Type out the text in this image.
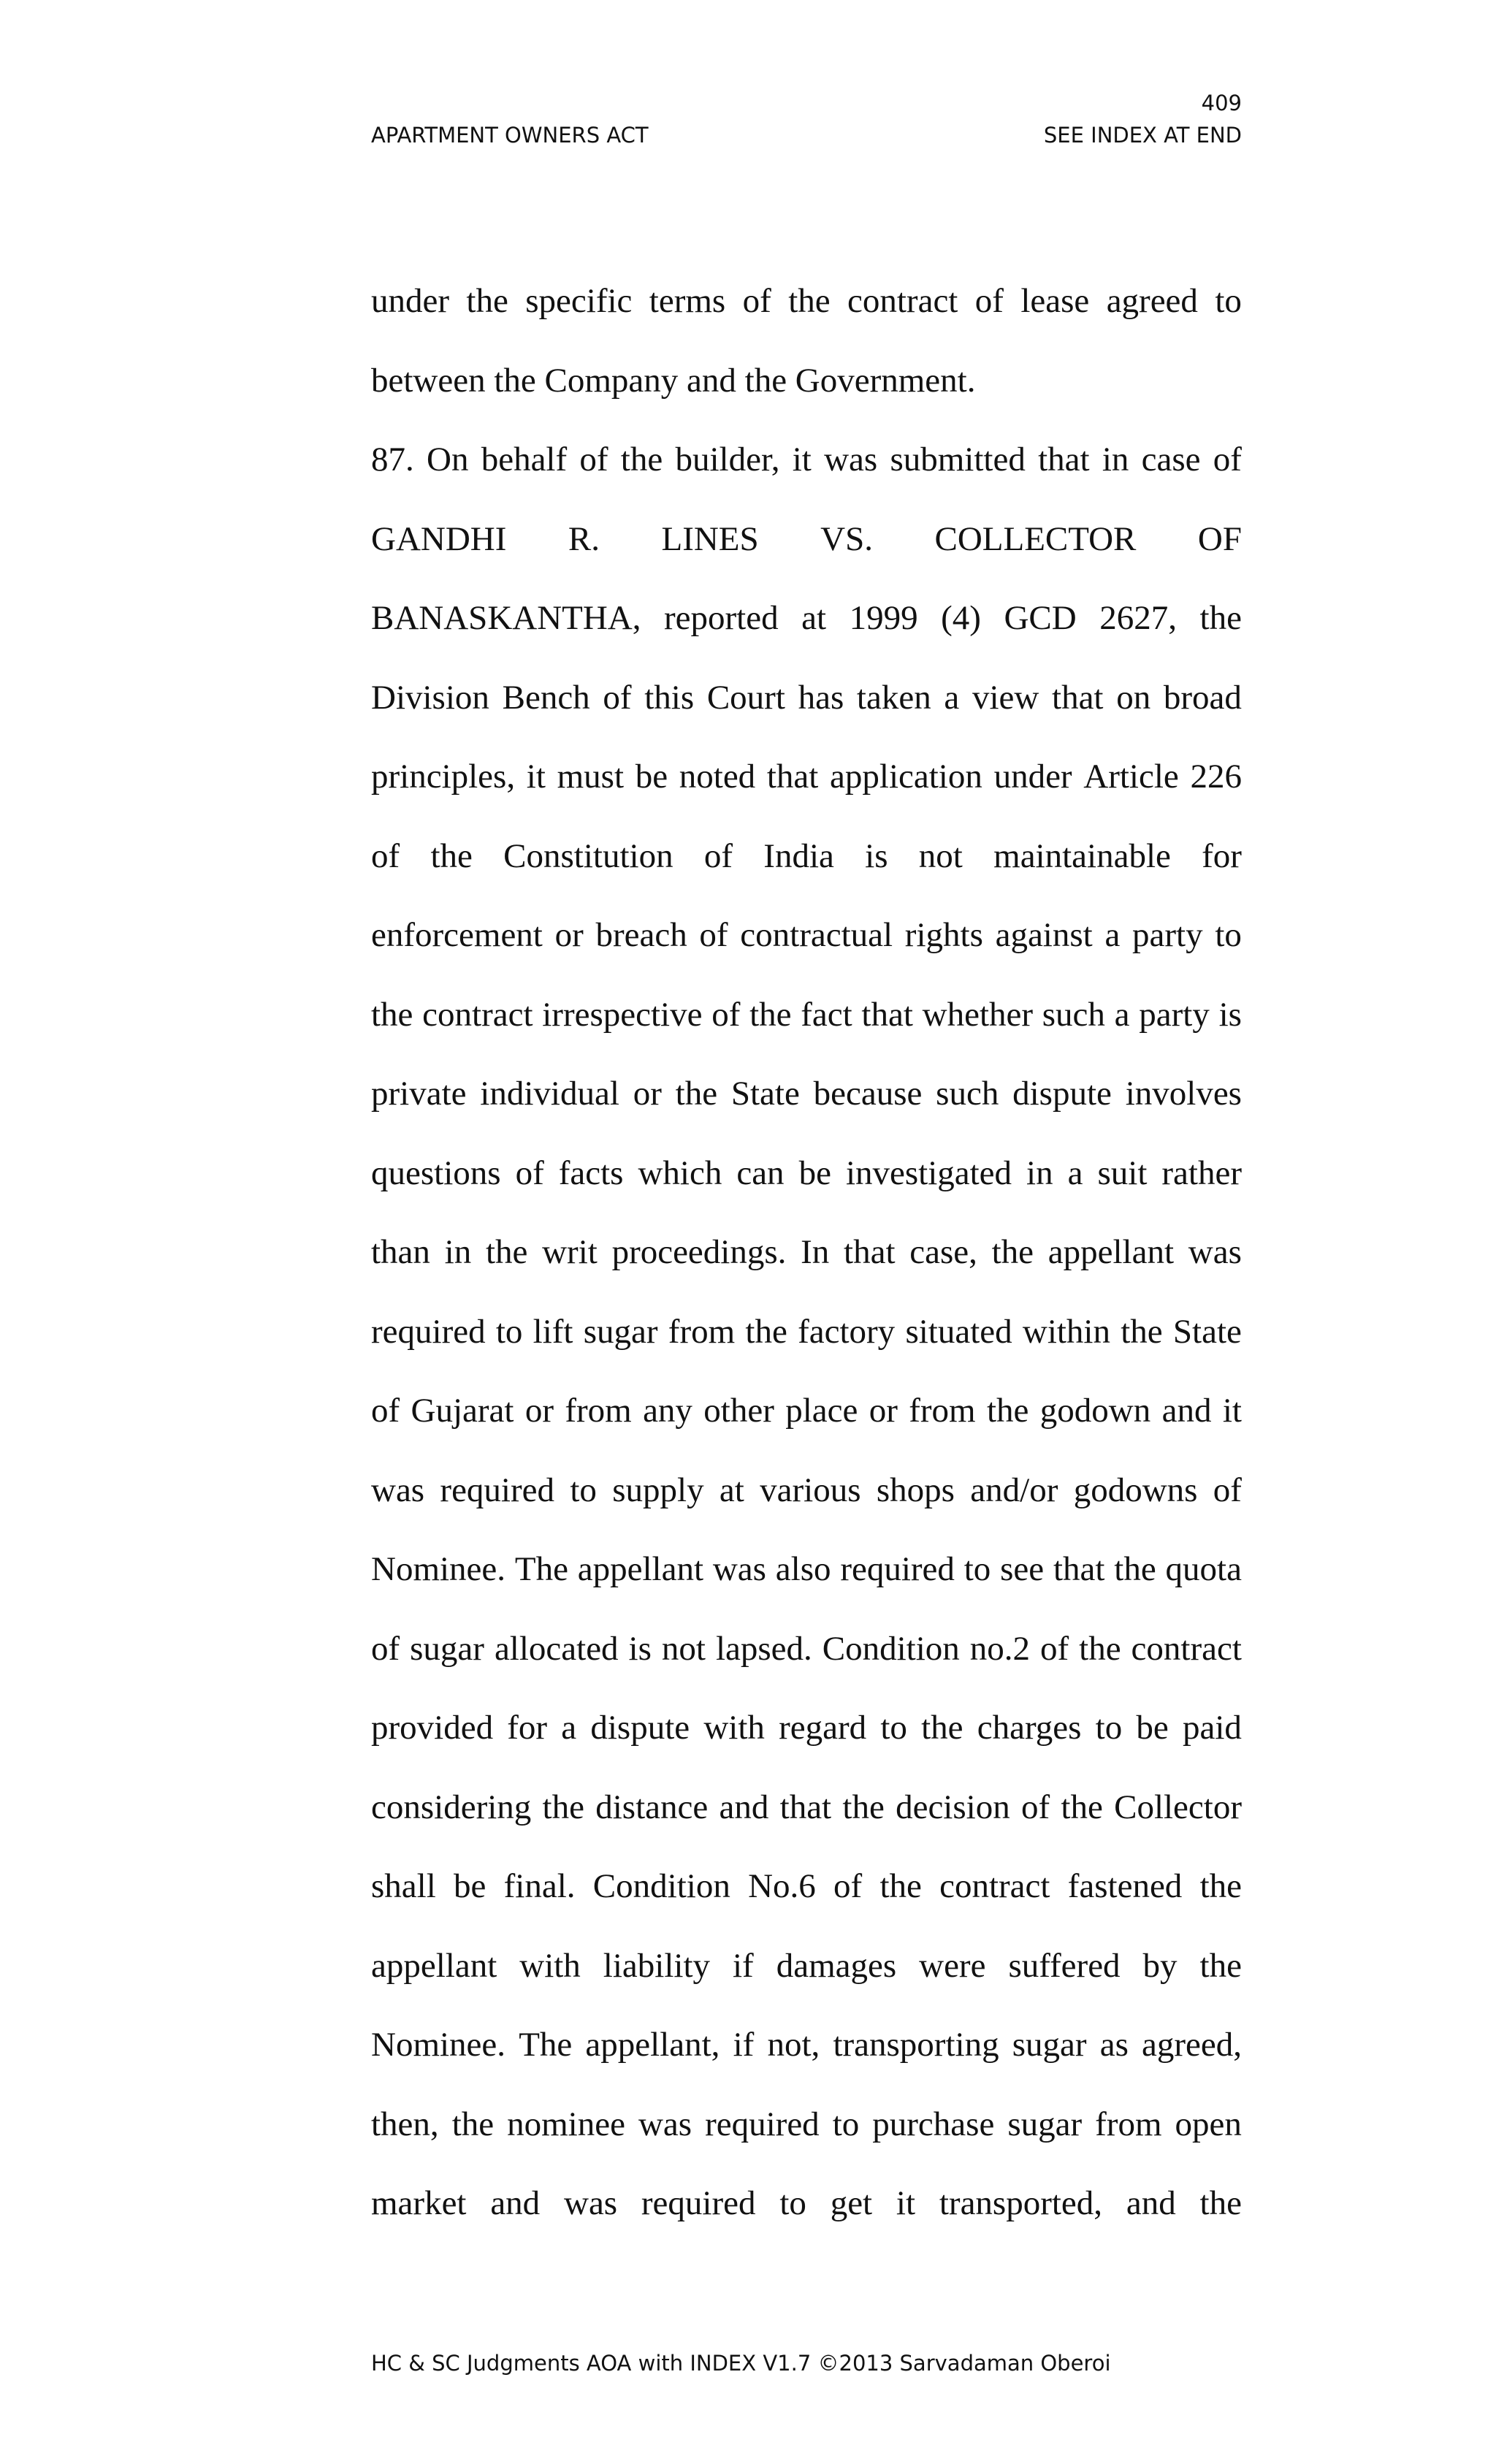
409
APARTMENT OWNERS ACT	SEE INDEX AT END
under the specific terms of the contract of lease agreed to
between the Company and the Government.
87. On behalf of the builder, it was submitted that in case of
GANDHI R. LINES VS. COLLECTOR OF
BANASKANTHA, reported at 1999 (4) GCD 2627, the
Division Bench of this Court has taken a view that on broad
principles, it must be noted that application under Article 226
of the Constitution of India is not maintainable for
enforcement or breach of contractual rights against a party to
the contract irrespective of the fact that whether such a party is
private individual or the State because such dispute involves
questions of facts which can be investigated in a suit rather
than in the writ proceedings. In that case, the appellant was
required to lift sugar from the factory situated within the State
of Gujarat or from any other place or from the godown and it
was required to supply at various shops and/or godowns of
Nominee. The appellant was also required to see that the quota
of sugar allocated is not lapsed. Condition no.2 of the contract
provided for a dispute with regard to the charges to be paid
considering the distance and that the decision of the Collector
shall be final. Condition No.6 of the contract fastened the
appellant with liability if damages were suffered by the
Nominee. The appellant, if not, transporting sugar as agreed,
then, the nominee was required to purchase sugar from open
market and was required to get it transported, and the
HC & SC Judgments AOA with INDEX V1.7 ©2013 Sarvadaman Oberoi
